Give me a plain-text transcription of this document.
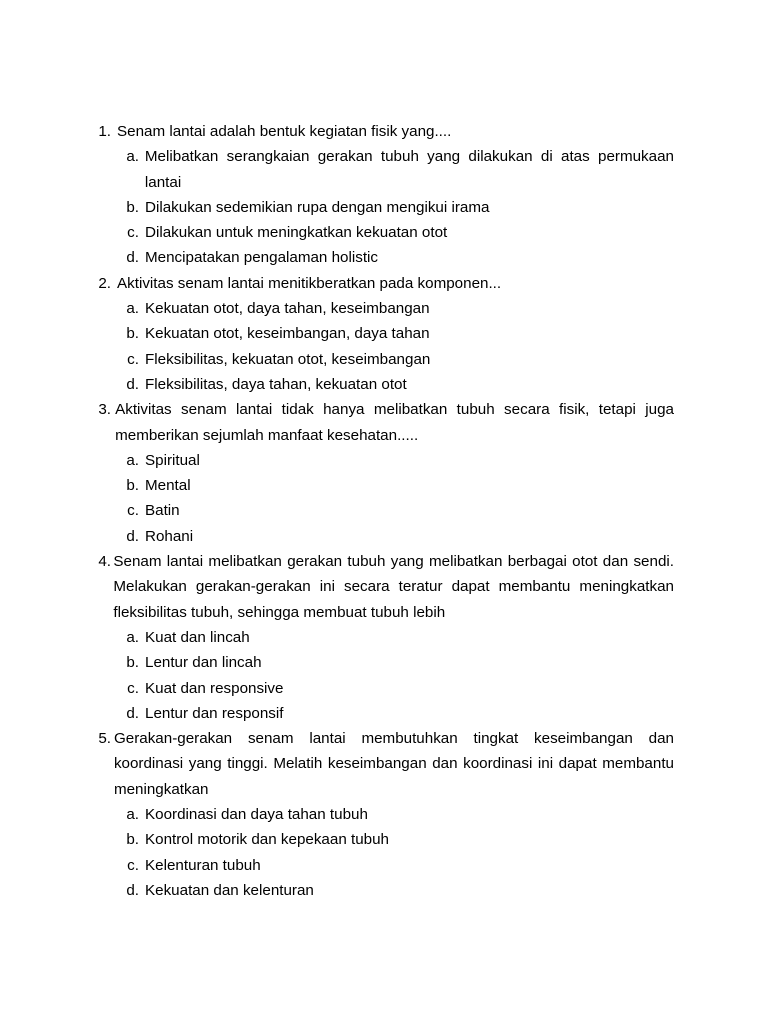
1. Senam lantai adalah bentuk kegiatan fisik yang....
a. Melibatkan serangkaian gerakan tubuh yang dilakukan di atas permukaan lantai
b. Dilakukan sedemikian rupa dengan mengikui irama
c. Dilakukan untuk meningkatkan kekuatan otot
d. Mencipatakan pengalaman holistic
2. Aktivitas senam lantai menitikberatkan pada komponen...
a. Kekuatan otot, daya tahan, keseimbangan
b. Kekuatan otot, keseimbangan, daya tahan
c. Fleksibilitas, kekuatan otot, keseimbangan
d. Fleksibilitas, daya tahan, kekuatan otot
3. Aktivitas senam lantai tidak hanya melibatkan tubuh secara fisik, tetapi juga memberikan sejumlah manfaat kesehatan.....
a. Spiritual
b. Mental
c. Batin
d. Rohani
4. Senam lantai melibatkan gerakan tubuh yang melibatkan berbagai otot dan sendi. Melakukan gerakan-gerakan ini secara teratur dapat membantu meningkatkan fleksibilitas tubuh, sehingga membuat tubuh lebih
a. Kuat dan lincah
b. Lentur dan lincah
c. Kuat dan responsive
d. Lentur dan responsif
5. Gerakan-gerakan senam lantai membutuhkan tingkat keseimbangan dan koordinasi yang tinggi. Melatih keseimbangan dan koordinasi ini dapat membantu meningkatkan
a. Koordinasi dan daya tahan tubuh
b. Kontrol motorik dan kepekaan tubuh
c. Kelenturan tubuh
d. Kekuatan dan kelenturan
